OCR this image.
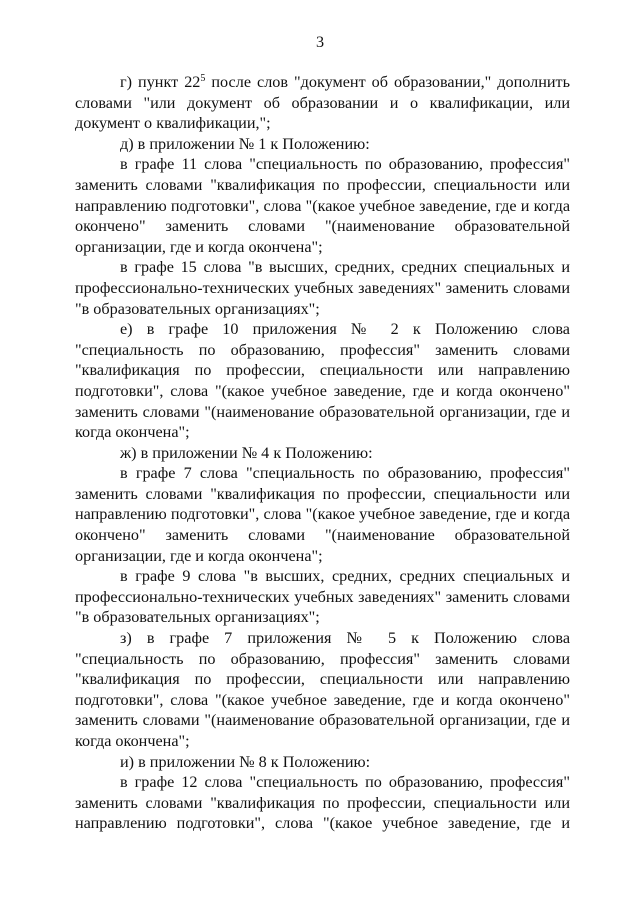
3

г) пункт $22^5$ после слов "документ об образовании," дополнить словами "или документ об образовании и о квалификации, или документ о квалификации,";

д) в приложении № 1 к Положению:

в графе 11 слова "специальность по образованию, профессия" заменить словами "квалификация по профессии, специальности или направлению подготовки", слова "(какое учебное заведение, где и когда окончено" заменить словами "(наименование образовательной организации, где и когда окончена";

в графе 15 слова "в высших, средних, средних специальных и профессионально-технических учебных заведениях" заменить словами "в образовательных организациях";

е) в графе 10 приложения № 2 к Положению слова "специальность по образованию, профессия" заменить словами "квалификация по профессии, специальности или направлению подготовки", слова "(какое учебное заведение, где и когда окончено" заменить словами "(наименование образовательной организации, где и когда окончена";

ж) в приложении № 4 к Положению:

в графе 7 слова "специальность по образованию, профессия" заменить словами "квалификация по профессии, специальности или направлению подготовки", слова "(какое учебное заведение, где и когда окончено" заменить словами "(наименование образовательной организации, где и когда окончена";

в графе 9 слова "в высших, средних, средних специальных и профессионально-технических учебных заведениях" заменить словами "в образовательных организациях";

з) в графе 7 приложения № 5 к Положению слова "специальность по образованию, профессия" заменить словами "квалификация по профессии, специальности или направлению подготовки", слова "(какое учебное заведение, где и когда окончено" заменить словами "(наименование образовательной организации, где и когда окончена";

и) в приложении № 8 к Положению:

в графе 12 слова "специальность по образованию, профессия" заменить словами "квалификация по профессии, специальности или направлению подготовки", слова "(какое учебное заведение, где и
